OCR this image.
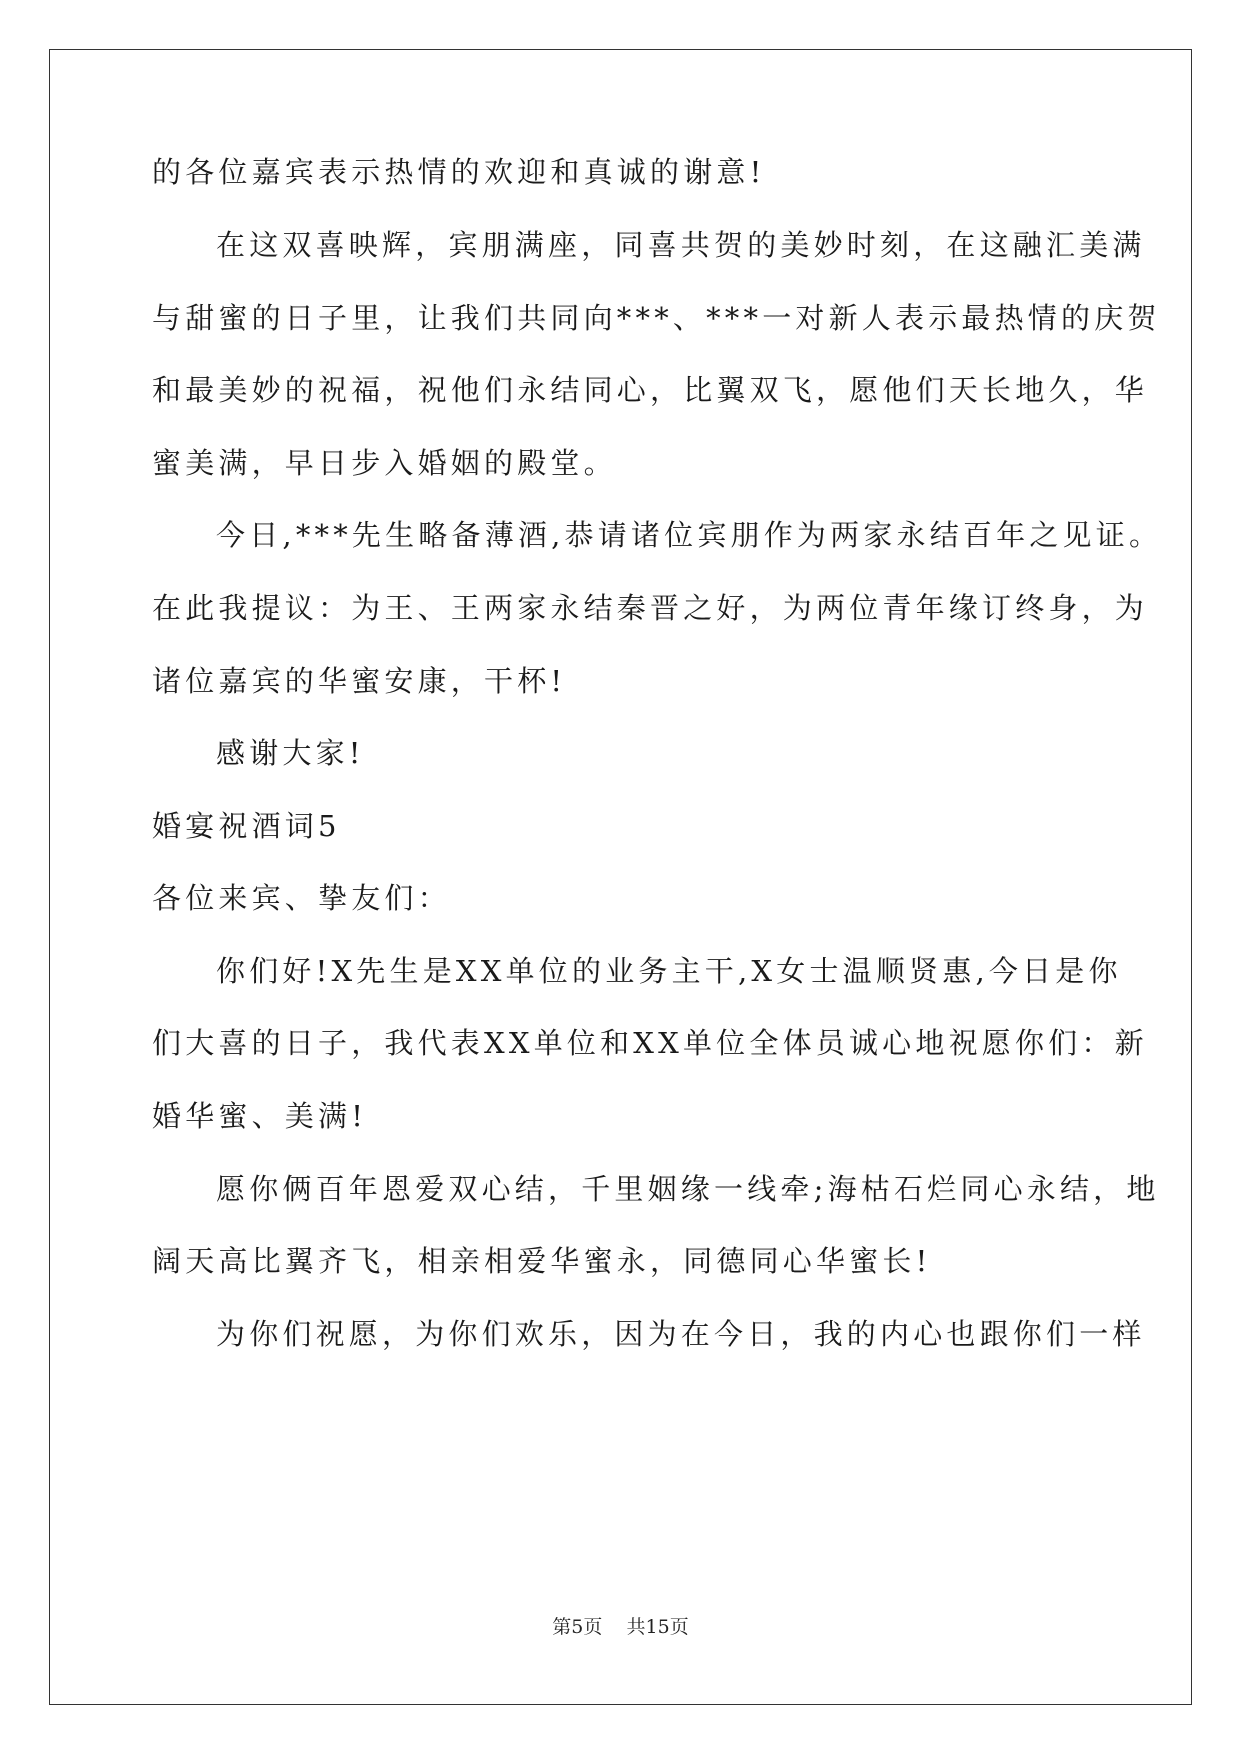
的各位嘉宾表示热情的欢迎和真诚的谢意!
在这双喜映辉，宾朋满座，同喜共贺的美妙时刻，在这融汇美满
与甜蜜的日子里，让我们共同向***、***一对新人表示最热情的庆贺
和最美妙的祝福，祝他们永结同心，比翼双飞，愿他们天长地久，华
蜜美满，早日步入婚姻的殿堂。
今日,***先生略备薄酒,恭请诸位宾朋作为两家永结百年之见证。
在此我提议：为王、王两家永结秦晋之好，为两位青年缘订终身，为
诸位嘉宾的华蜜安康，干杯!
感谢大家!
婚宴祝酒词5
各位来宾、挚友们：
你们好!X先生是XX单位的业务主干,X女士温顺贤惠,今日是你
们大喜的日子，我代表XX单位和XX单位全体员诚心地祝愿你们：新
婚华蜜、美满!
愿你俩百年恩爱双心结，千里姻缘一线牵;海枯石烂同心永结，地
阔天高比翼齐飞，相亲相爱华蜜永，同德同心华蜜长!
为你们祝愿，为你们欢乐，因为在今日，我的内心也跟你们一样
第5页 共15页
